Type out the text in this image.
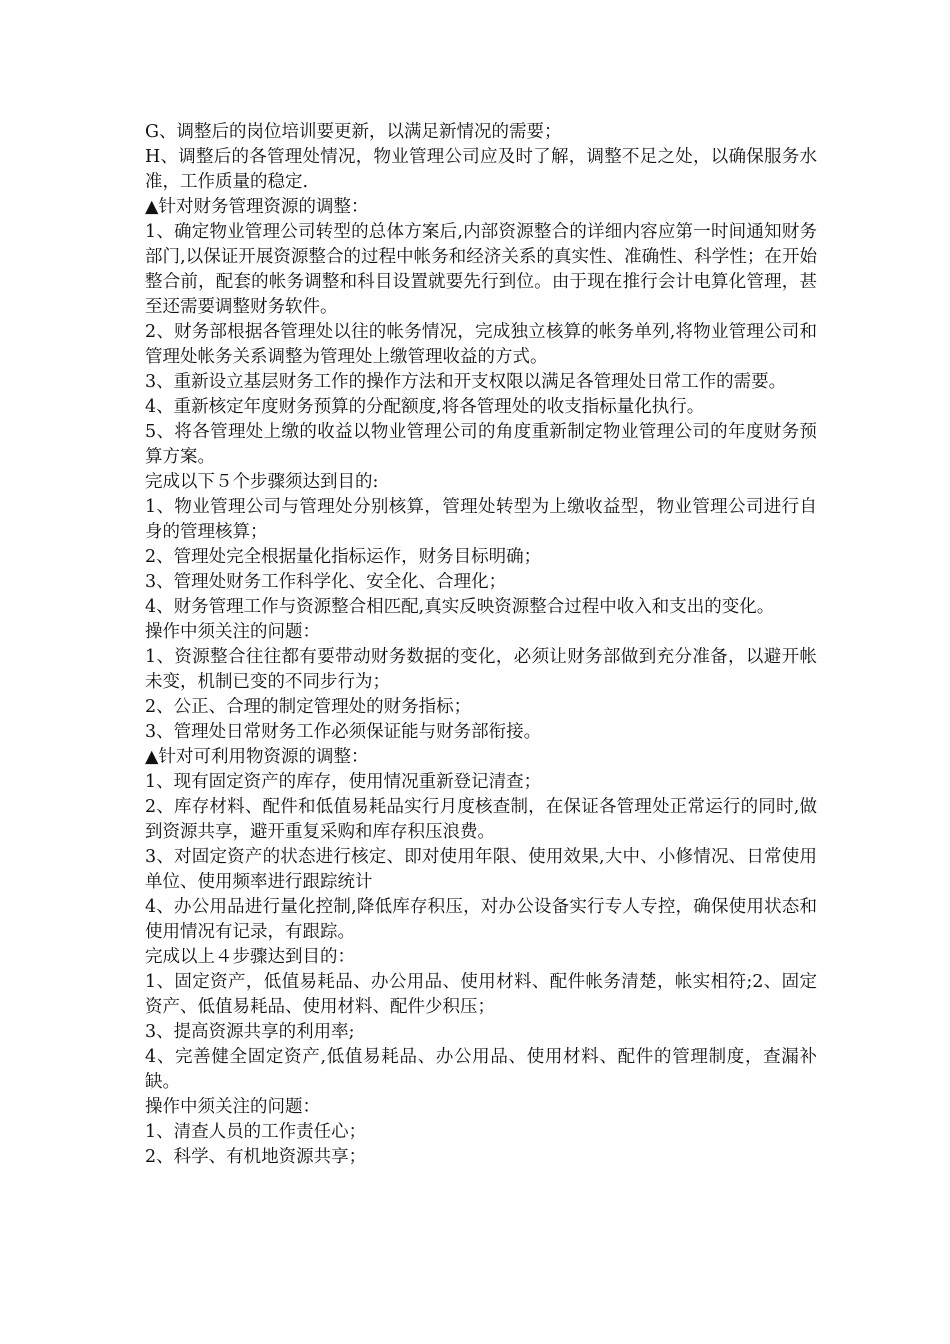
G、调整后的岗位培训要更新，以满足新情况的需要；

H、调整后的各管理处情况，物业管理公司应及时了解，调整不足之处，以确保服务水准，工作质量的稳定.

▲针对财务管理资源的调整：

1、确定物业管理公司转型的总体方案后,内部资源整合的详细内容应第一时间通知财务部门,以保证开展资源整合的过程中帐务和经济关系的真实性、准确性、科学性；在开始整合前，配套的帐务调整和科目设置就要先行到位。由于现在推行会计电算化管理，甚至还需要调整财务软件。

2、财务部根据各管理处以往的帐务情况，完成独立核算的帐务单列,将物业管理公司和管理处帐务关系调整为管理处上缴管理收益的方式。

3、重新设立基层财务工作的操作方法和开支权限以满足各管理处日常工作的需要。

4、重新核定年度财务预算的分配额度,将各管理处的收支指标量化执行。

5、将各管理处上缴的收益以物业管理公司的角度重新制定物业管理公司的年度财务预算方案。

完成以下５个步骤须达到目的:

1、物业管理公司与管理处分别核算，管理处转型为上缴收益型，物业管理公司进行自身的管理核算；

2、管理处完全根据量化指标运作，财务目标明确；

3、管理处财务工作科学化、安全化、合理化；

4、财务管理工作与资源整合相匹配,真实反映资源整合过程中收入和支出的变化。

操作中须关注的问题：

1、资源整合往往都有要带动财务数据的变化，必须让财务部做到充分准备，以避开帐未变，机制已变的不同步行为；

2、公正、合理的制定管理处的财务指标；

3、管理处日常财务工作必须保证能与财务部衔接。

▲针对可利用物资源的调整：

1、现有固定资产的库存，使用情况重新登记清查；

2、库存材料、配件和低值易耗品实行月度核查制，在保证各管理处正常运行的同时,做到资源共享，避开重复采购和库存积压浪费。

3、对固定资产的状态进行核定、即对使用年限、使用效果,大中、小修情况、日常使用单位、使用频率进行跟踪统计

4、办公用品进行量化控制,降低库存积压，对办公设备实行专人专控，确保使用状态和使用情况有记录，有跟踪。

完成以上４步骤达到目的：

1、固定资产，低值易耗品、办公用品、使用材料、配件帐务清楚，帐实相符;2、固定资产、低值易耗品、使用材料、配件少积压；

3、提高资源共享的利用率;

4、完善健全固定资产,低值易耗品、办公用品、使用材料、配件的管理制度，查漏补缺。

操作中须关注的问题：

1、清查人员的工作责任心；

2、科学、有机地资源共享；
